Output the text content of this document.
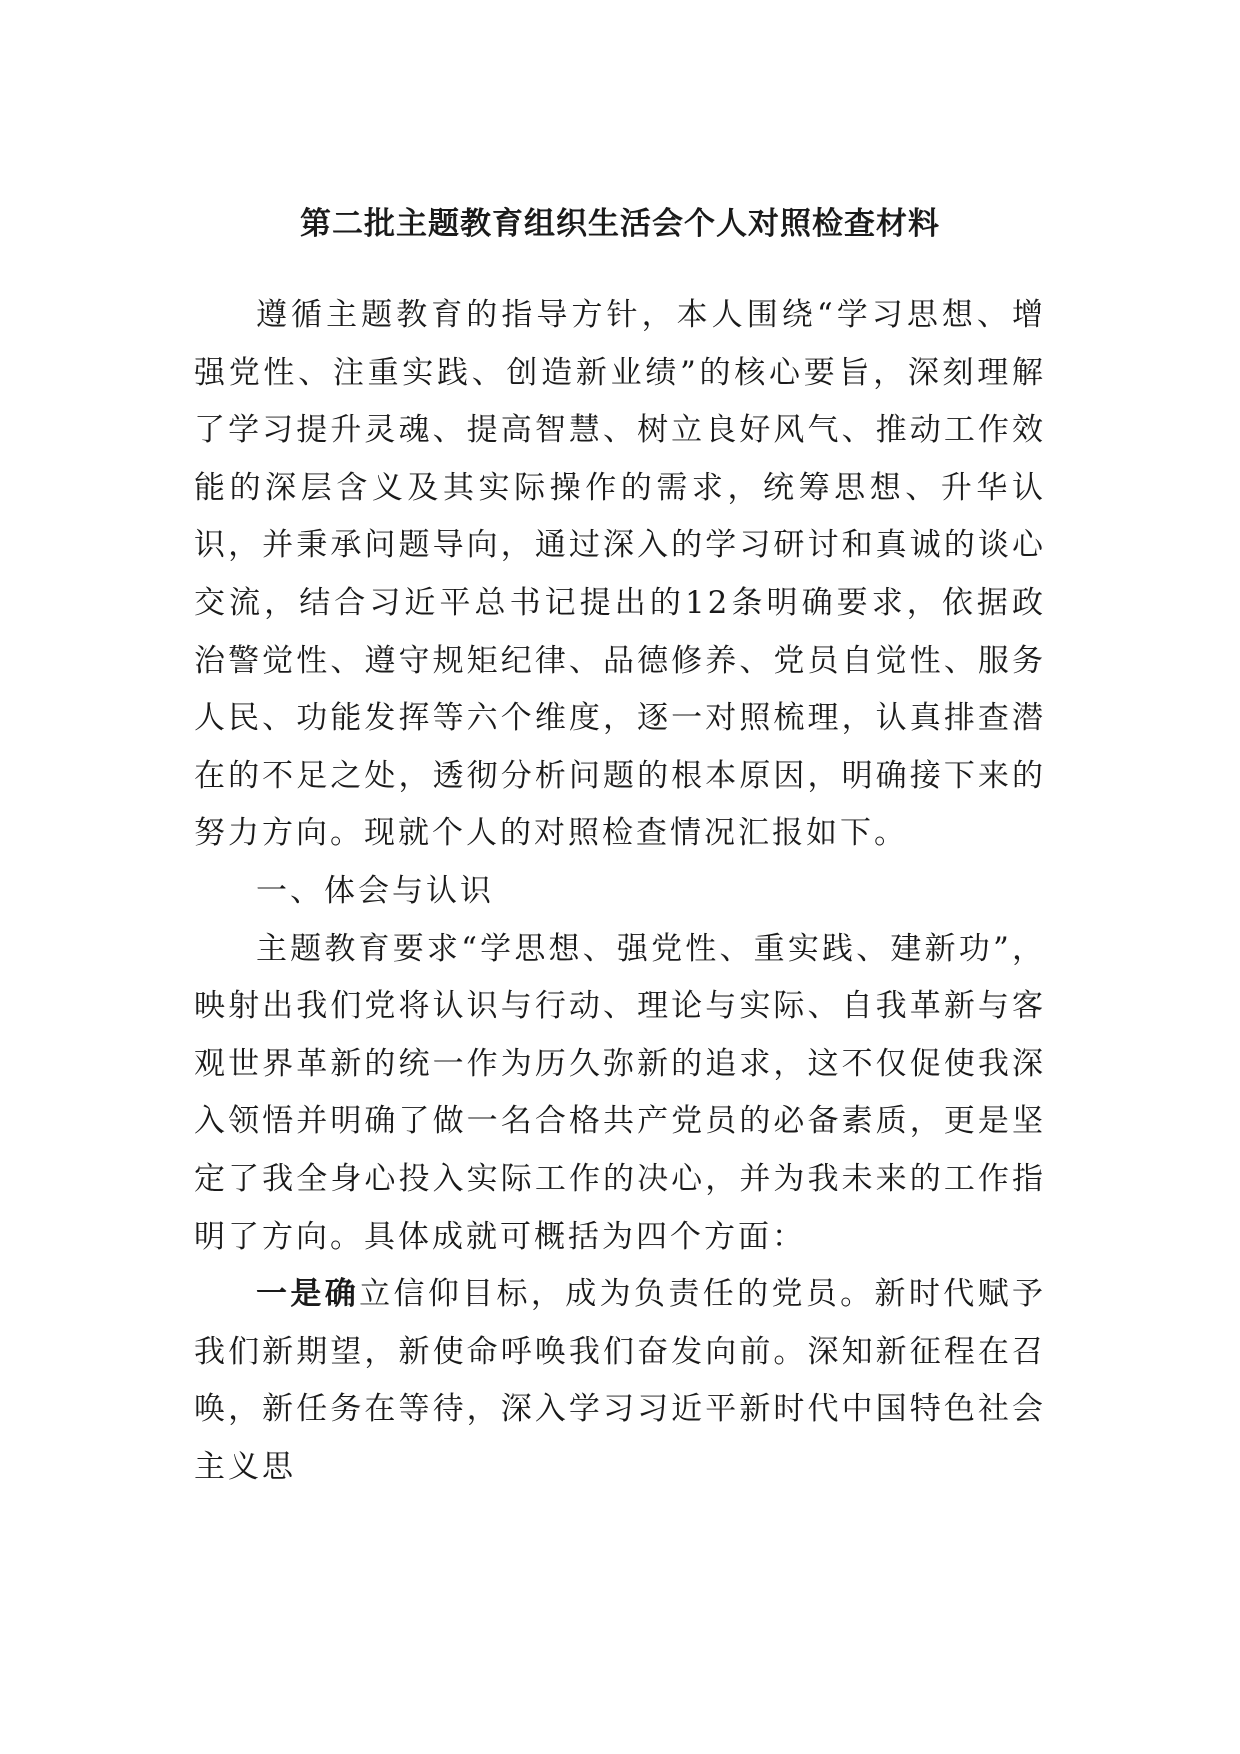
第二批主题教育组织生活会个人对照检查材料

遵循主题教育的指导方针，本人围绕“学习思想、增强党性、注重实践、创造新业绩”的核心要旨，深刻理解了学习提升灵魂、提高智慧、树立良好风气、推动工作效能的深层含义及其实际操作的需求，统筹思想、升华认识，并秉承问题导向，通过深入的学习研讨和真诚的谈心交流，结合习近平总书记提出的12条明确要求，依据政治警觉性、遵守规矩纪律、品德修养、党员自觉性、服务人民、功能发挥等六个维度，逐一对照梳理，认真排查潜在的不足之处，透彻分析问题的根本原因，明确接下来的努力方向。现就个人的对照检查情况汇报如下。

一、体会与认识

主题教育要求“学思想、强党性、重实践、建新功”，映射出我们党将认识与行动、理论与实际、自我革新与客观世界革新的统一作为历久弥新的追求，这不仅促使我深入领悟并明确了做一名合格共产党员的必备素质，更是坚定了我全身心投入实际工作的决心，并为我未来的工作指明了方向。具体成就可概括为四个方面：

一是确立信仰目标，成为负责任的党员。新时代赋予我们新期望，新使命呼唤我们奋发向前。深知新征程在召唤，新任务在等待，深入学习习近平新时代中国特色社会主义思
